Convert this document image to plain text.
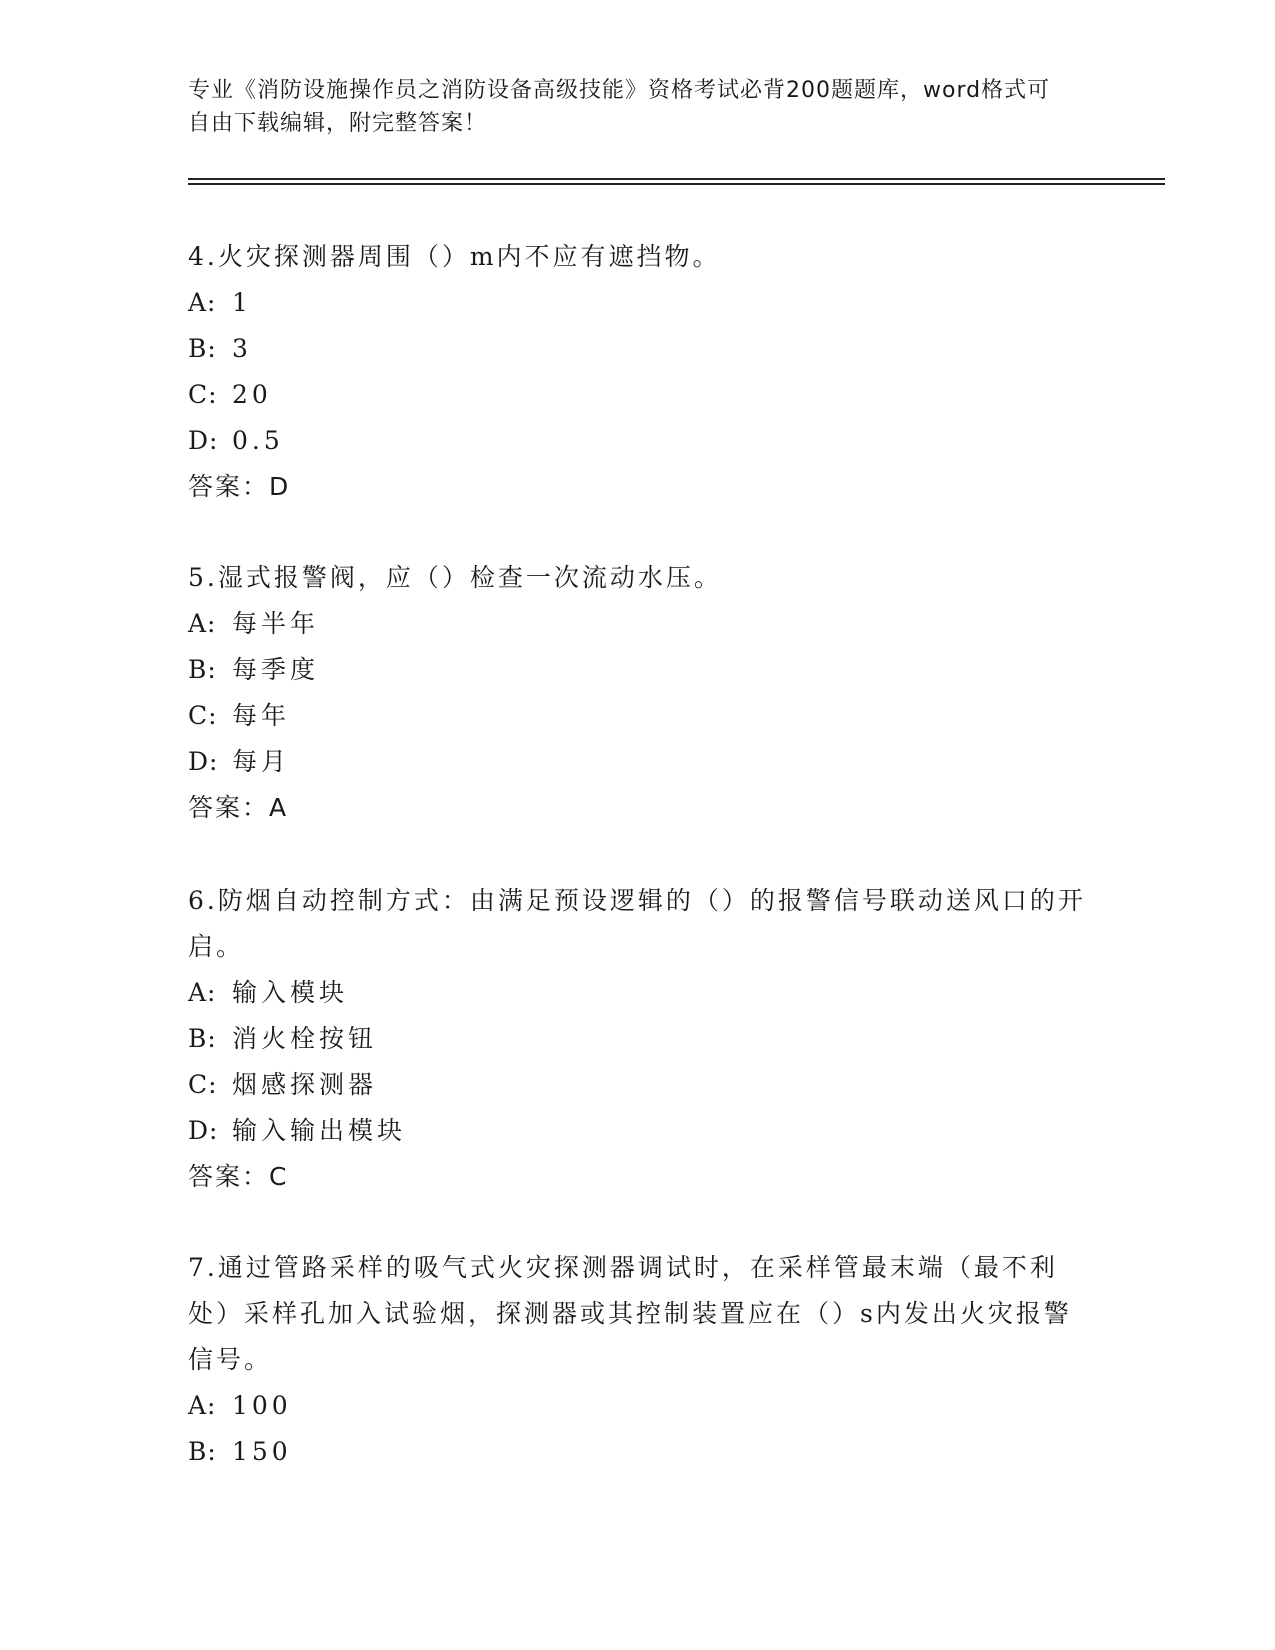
专业《消防设施操作员之消防设备高级技能》资格考试必背200题题库，word格式可自由下载编辑，附完整答案！
4.火灾探测器周围（）m内不应有遮挡物。
A: 1
B: 3
C: 20
D: 0.5
答案：D
5.湿式报警阀，应（）检查一次流动水压。
A: 每半年
B: 每季度
C: 每年
D: 每月
答案：A
6.防烟自动控制方式：由满足预设逻辑的（）的报警信号联动送风口的开启。
A: 输入模块
B: 消火栓按钮
C: 烟感探测器
D: 输入输出模块
答案：C
7.通过管路采样的吸气式火灾探测器调试时，在采样管最末端（最不利处）采样孔加入试验烟，探测器或其控制装置应在（）s内发出火灾报警信号。
A: 100
B: 150
